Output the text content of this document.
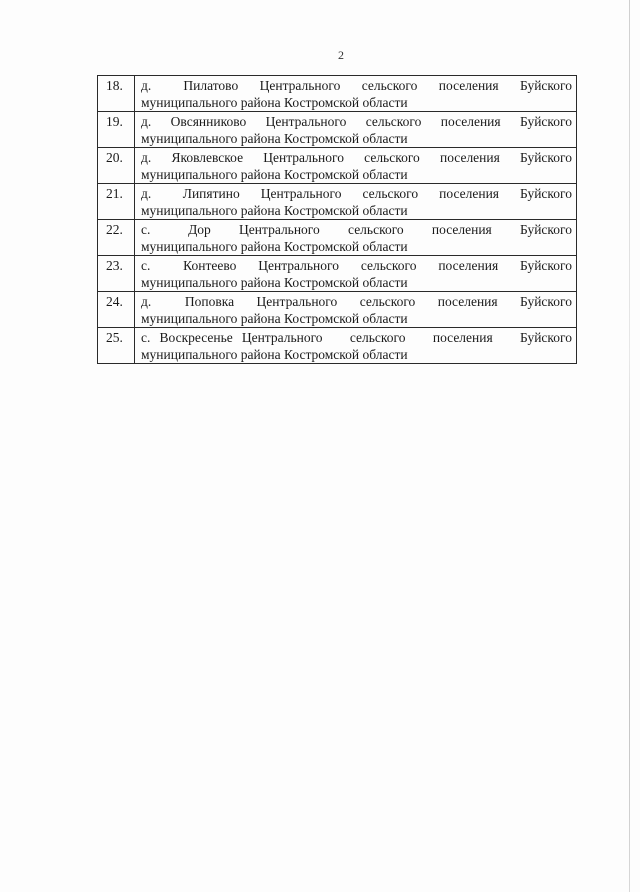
2
18.	д.   Пилатово  Центрального  сельского  поселения  Буйского
муниципального района Костромской области

19.	д.  Овсянниково  Центрального  сельского  поселения  Буйского
муниципального района Костромской области

20.	д.  Яковлевское  Центрального  сельского  поселения  Буйского
муниципального района Костромской области

21.	д.   Липятино  Центрального  сельского  поселения  Буйского
муниципального района Костромской области

22.	с.    Дор   Центрального   сельского   поселения   Буйского
муниципального района Костромской области

23.	с.   Контеево  Центрального  сельского  поселения  Буйского
муниципального района Костромской области

24.	д.   Поповка  Центрального  сельского  поселения  Буйского
муниципального района Костромской области

25.	с. Воскресенье Центрального   сельского   поселения   Буйского
муниципального района Костромской области
